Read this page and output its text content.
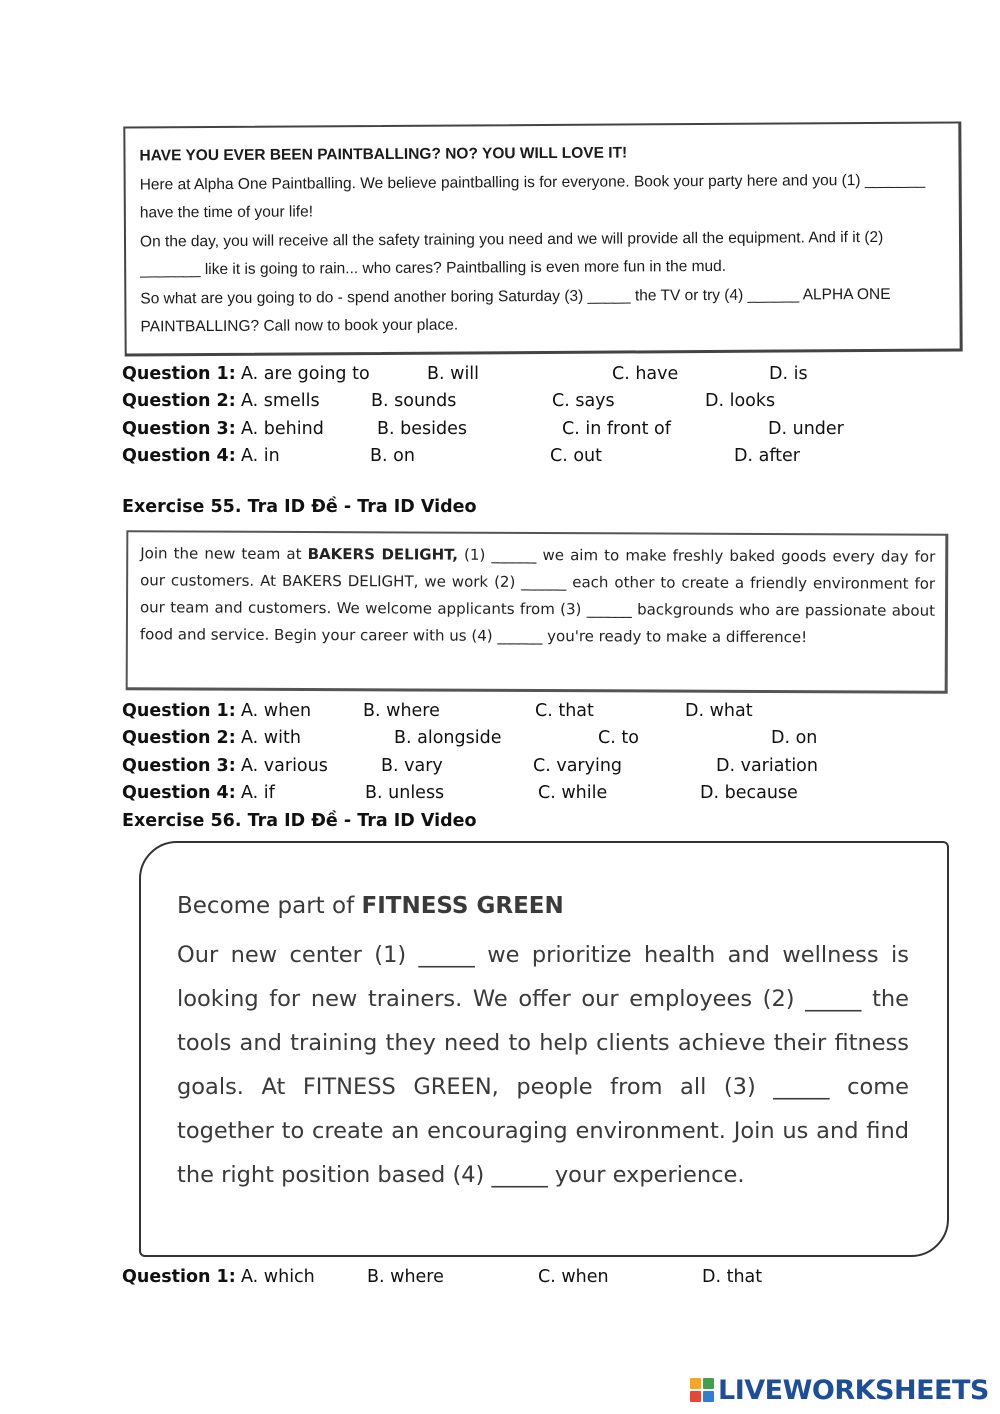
HAVE YOU EVER BEEN PAINTBALLING? NO? YOU WILL LOVE IT!

Here at Alpha One Paintballing. We believe paintballing is for everyone. Book your party here and you (1) _______ have the time of your life!

On the day, you will receive all the safety training you need and we will provide all the equipment. And if it (2) _______ like it is going to rain... who cares? Paintballing is even more fun in the mud.

So what are you going to do - spend another boring Saturday (3) _____ the TV or try (4) ______ ALPHA ONE PAINTBALLING? Call now to book your place.

Question 1: A. are going to	B. will	C. have	D. is
Question 2: A. smells	B. sounds	C. says	D. looks
Question 3: A. behind	B. besides	C. in front of	D. under
Question 4: A. in	B. on	C. out	D. after
Exercise 55. Tra ID Đề - Tra ID Video

Join the new team at BAKERS DELIGHT, (1) ______ we aim to make freshly baked goods every day for our customers. At BAKERS DELIGHT, we work (2) ______ each other to create a friendly environment for our team and customers. We welcome applicants from (3) ______ backgrounds who are passionate about food and service. Begin your career with us (4) ______ you're ready to make a difference!

Question 1: A. when	B. where	C. that	D. what
Question 2: A. with	B. alongside	C. to	D. on
Question 3: A. various	B. vary	C. varying	D. variation
Question 4: A. if	B. unless	C. while	D. because
Exercise 56. Tra ID Đề - Tra ID Video

Become part of FITNESS GREEN

Our new center (1) _____ we prioritize health and wellness is looking for new trainers. We offer our employees (2) _____ the tools and training they need to help clients achieve their fitness goals. At FITNESS GREEN, people from all (3) _____ come together to create an encouraging environment. Join us and find the right position based (4) _____ your experience.

Question 1: A. which	B. where	C. when	D. that
LIVEWORKSHEETS
